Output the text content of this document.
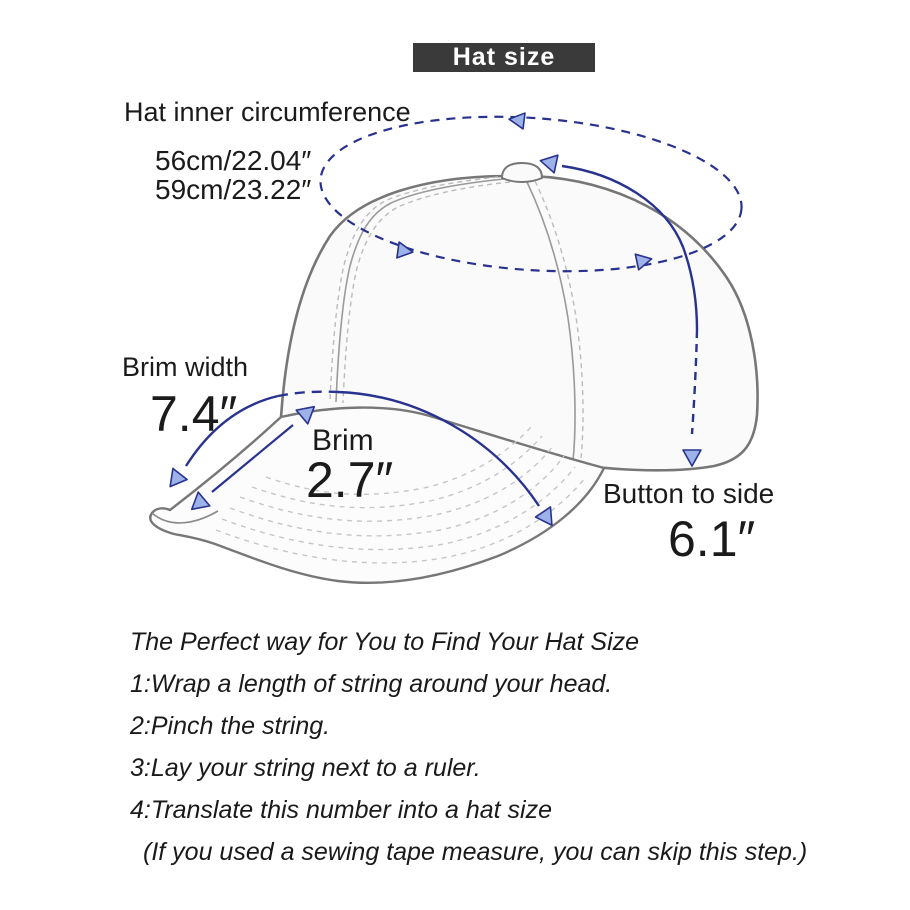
Hat inner circumference
56cm/22.04″
59cm/23.22″
Brim width
7.4″ Brim
2.7″	Button to side
6.1″
Hat size
The Perfect way for You to Find Your Hat Size
1:Wrap a length of string around your head.
2:Pinch the string.
3:Lay your string next to a ruler.
4:Translate this number into a hat size
(If you used a sewing tape measure, you can skip this step.)
